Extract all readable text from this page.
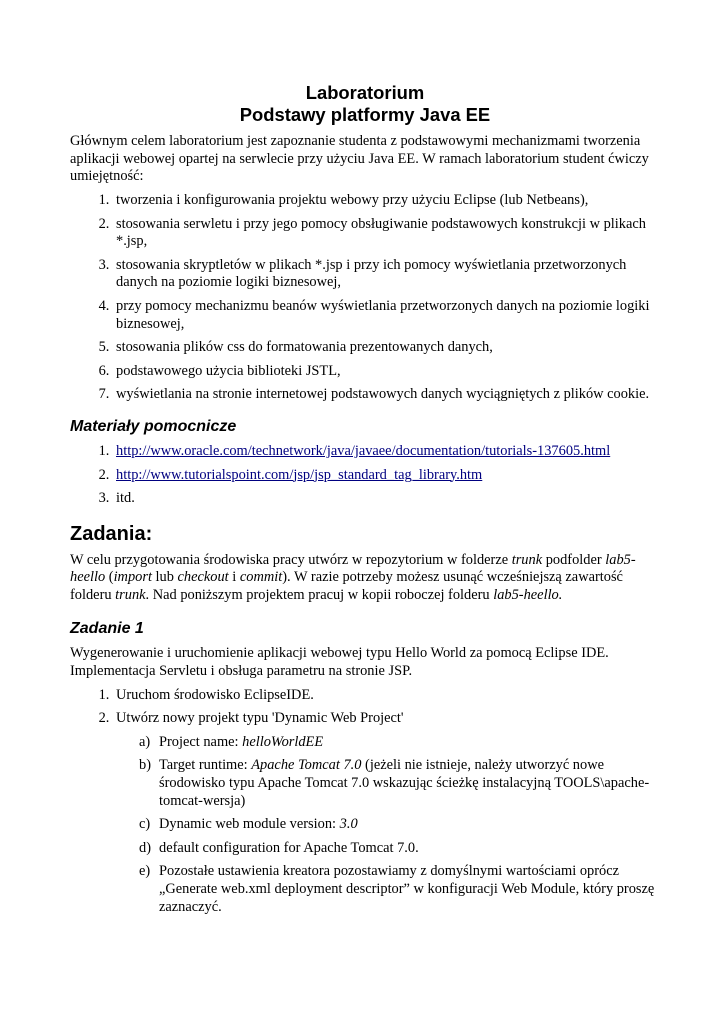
Laboratorium
Podstawy platformy Java EE

Głównym celem laboratorium jest zapoznanie studenta z podstawowymi mechanizmami tworzenia aplikacji webowej opartej na serwlecie przy użyciu Java EE. W ramach laboratorium student ćwiczy umiejętność:

1. tworzenia i konfigurowania projektu webowy przy użyciu Eclipse (lub Netbeans),
2. stosowania serwletu i przy jego pomocy obsługiwanie podstawowych konstrukcji w plikach *.jsp,
3. stosowania skryptletów w plikach *.jsp i przy ich pomocy wyświetlania przetworzonych danych na poziomie logiki biznesowej,
4. przy pomocy mechanizmu beanów wyświetlania przetworzonych danych na poziomie logiki biznesowej,
5. stosowania plików css do formatowania prezentowanych danych,
6. podstawowego użycia biblioteki JSTL,
7. wyświetlania na stronie internetowej podstawowych danych wyciągniętych z plików cookie.
Materiały pomocnicze
1. http://www.oracle.com/technetwork/java/javaee/documentation/tutorials-137605.html
2. http://www.tutorialspoint.com/jsp/jsp_standard_tag_library.htm
3. itd.
Zadania:

W celu przygotowania środowiska pracy utwórz w repozytorium w folderze trunk podfolder lab5-heello (import lub checkout i commit). W razie potrzeby możesz usunąć wcześniejszą zawartość folderu trunk. Nad poniższym projektem pracuj w kopii roboczej folderu lab5-heello.

Zadanie 1

Wygenerowanie i uruchomienie aplikacji webowej typu Hello World za pomocą Eclipse IDE. Implementacja Servletu i obsługa parametru na stronie JSP.

1. Uruchom środowisko EclipseIDE.
2. Utwórz nowy projekt typu 'Dynamic Web Project'
a) Project name: helloWorldEE
b) Target runtime: Apache Tomcat 7.0 (jeżeli nie istnieje, należy utworzyć nowe środowisko typu Apache Tomcat 7.0 wskazując ścieżkę instalacyjną TOOLS\apache-tomcat-wersja)
c) Dynamic web module version: 3.0
d) default configuration for Apache Tomcat 7.0.
e) Pozostałe ustawienia kreatora pozostawiamy z domyślnymi wartościami oprócz „Generate web.xml deployment descriptor” w konfiguracji Web Module, który proszę zaznaczyć.
